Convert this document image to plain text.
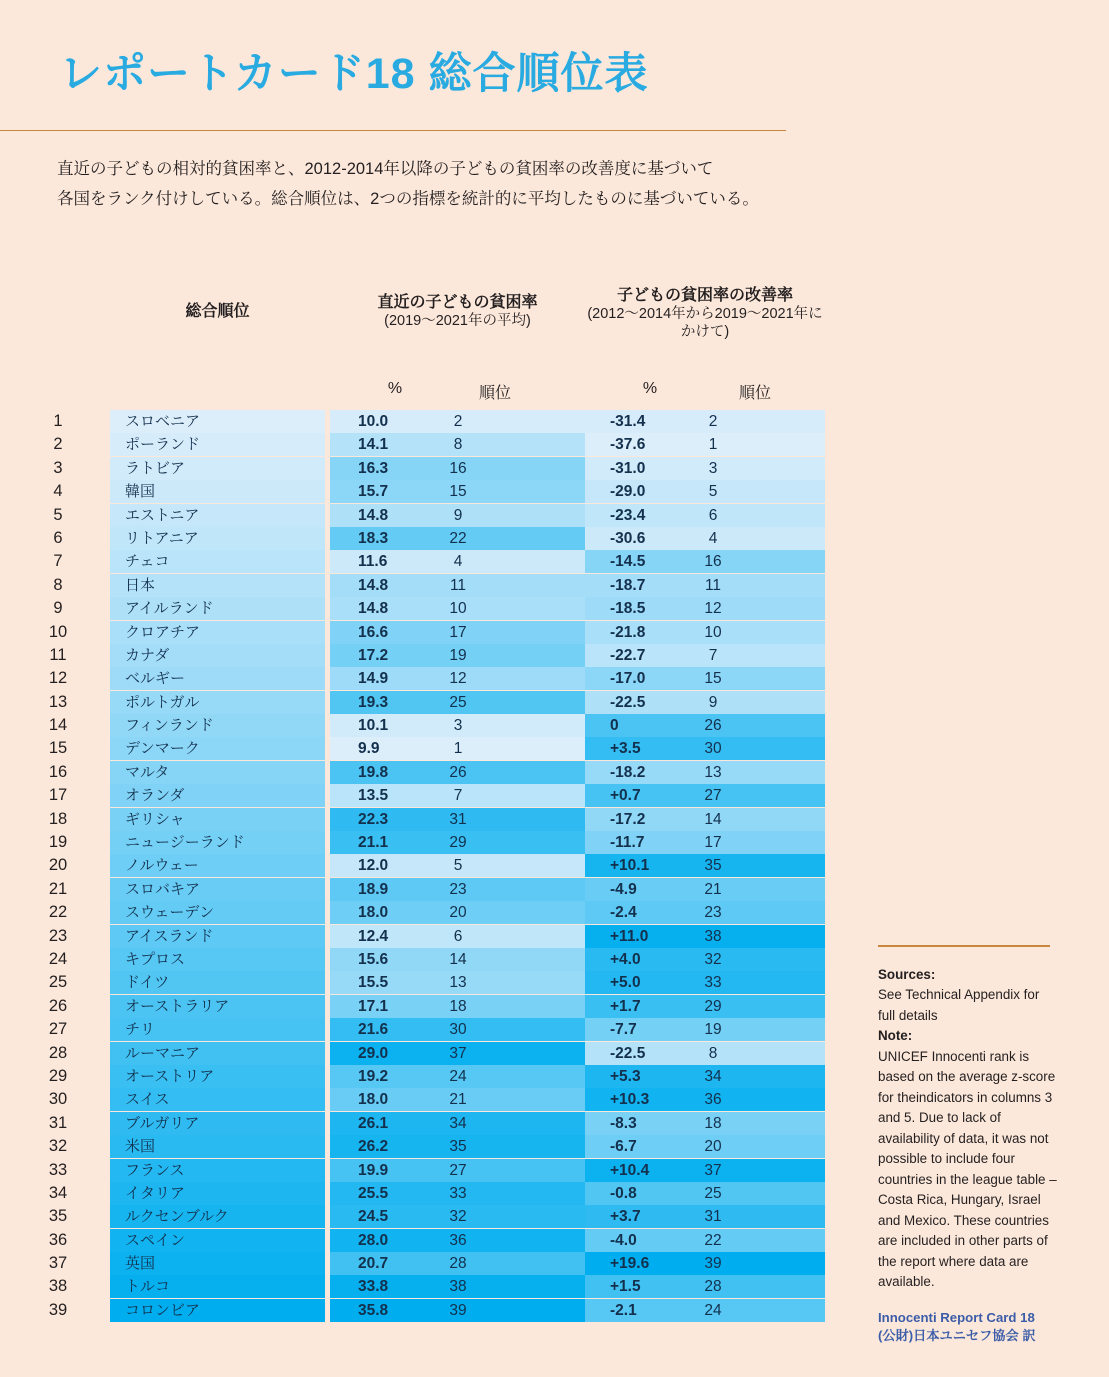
レポートカード18 総合順位表
直近の子どもの相対的貧困率と、2012-2014年以降の子どもの貧困率の改善度に基づいて
各国をランク付けしている。総合順位は、2つの指標を統計的に平均したものに基づいている。
総合順位
直近の子どもの貧困率
(2019〜2021年の平均)
子どもの貧困率の改善率
(2012〜2014年から2019〜2021年にかけて)
%	順位	%	順位
1	スロベニア	10.0	2	-31.4	2
2	ポーランド	14.1	8	-37.6	1
3	ラトビア	16.3	16	-31.0	3
4	韓国	15.7	15	-29.0	5
5	エストニア	14.8	9	-23.4	6
6	リトアニア	18.3	22	-30.6	4
7	チェコ	11.6	4	-14.5	16
8	日本	14.8	11	-18.7	11
9	アイルランド	14.8	10	-18.5	12
10	クロアチア	16.6	17	-21.8	10
11	カナダ	17.2	19	-22.7	7
12	ベルギー	14.9	12	-17.0	15
13	ポルトガル	19.3	25	-22.5	9
14	フィンランド	10.1	3	0	26
15	デンマーク	9.9	1	+3.5	30
16	マルタ	19.8	26	-18.2	13
17	オランダ	13.5	7	+0.7	27
18	ギリシャ	22.3	31	-17.2	14
19	ニュージーランド	21.1	29	-11.7	17
20	ノルウェー	12.0	5	+10.1	35
21	スロバキア	18.9	23	-4.9	21
22	スウェーデン	18.0	20	-2.4	23
23	アイスランド	12.4	6	+11.0	38
24	キプロス	15.6	14	+4.0	32
25	ドイツ	15.5	13	+5.0	33
26	オーストラリア	17.1	18	+1.7	29
27	チリ	21.6	30	-7.7	19
28	ルーマニア	29.0	37	-22.5	8
29	オーストリア	19.2	24	+5.3	34
30	スイス	18.0	21	+10.3	36
31	ブルガリア	26.1	34	-8.3	18
32	米国	26.2	35	-6.7	20
33	フランス	19.9	27	+10.4	37
34	イタリア	25.5	33	-0.8	25
35	ルクセンブルク	24.5	32	+3.7	31
36	スペイン	28.0	36	-4.0	22
37	英国	20.7	28	+19.6	39
38	トルコ	33.8	38	+1.5	28
39	コロンビア	35.8	39	-2.1	24
Sources:
See Technical Appendix for full details
Note:
UNICEF Innocenti rank is based on the average z-score for theindicators in columns 3 and 5. Due to lack of availability of data, it was not possible to include four countries in the league table – Costa Rica, Hungary, Israel and Mexico. These countries are included in other parts of the report where data are available.
Innocenti Report Card 18
(公財)日本ユニセフ協会 訳
